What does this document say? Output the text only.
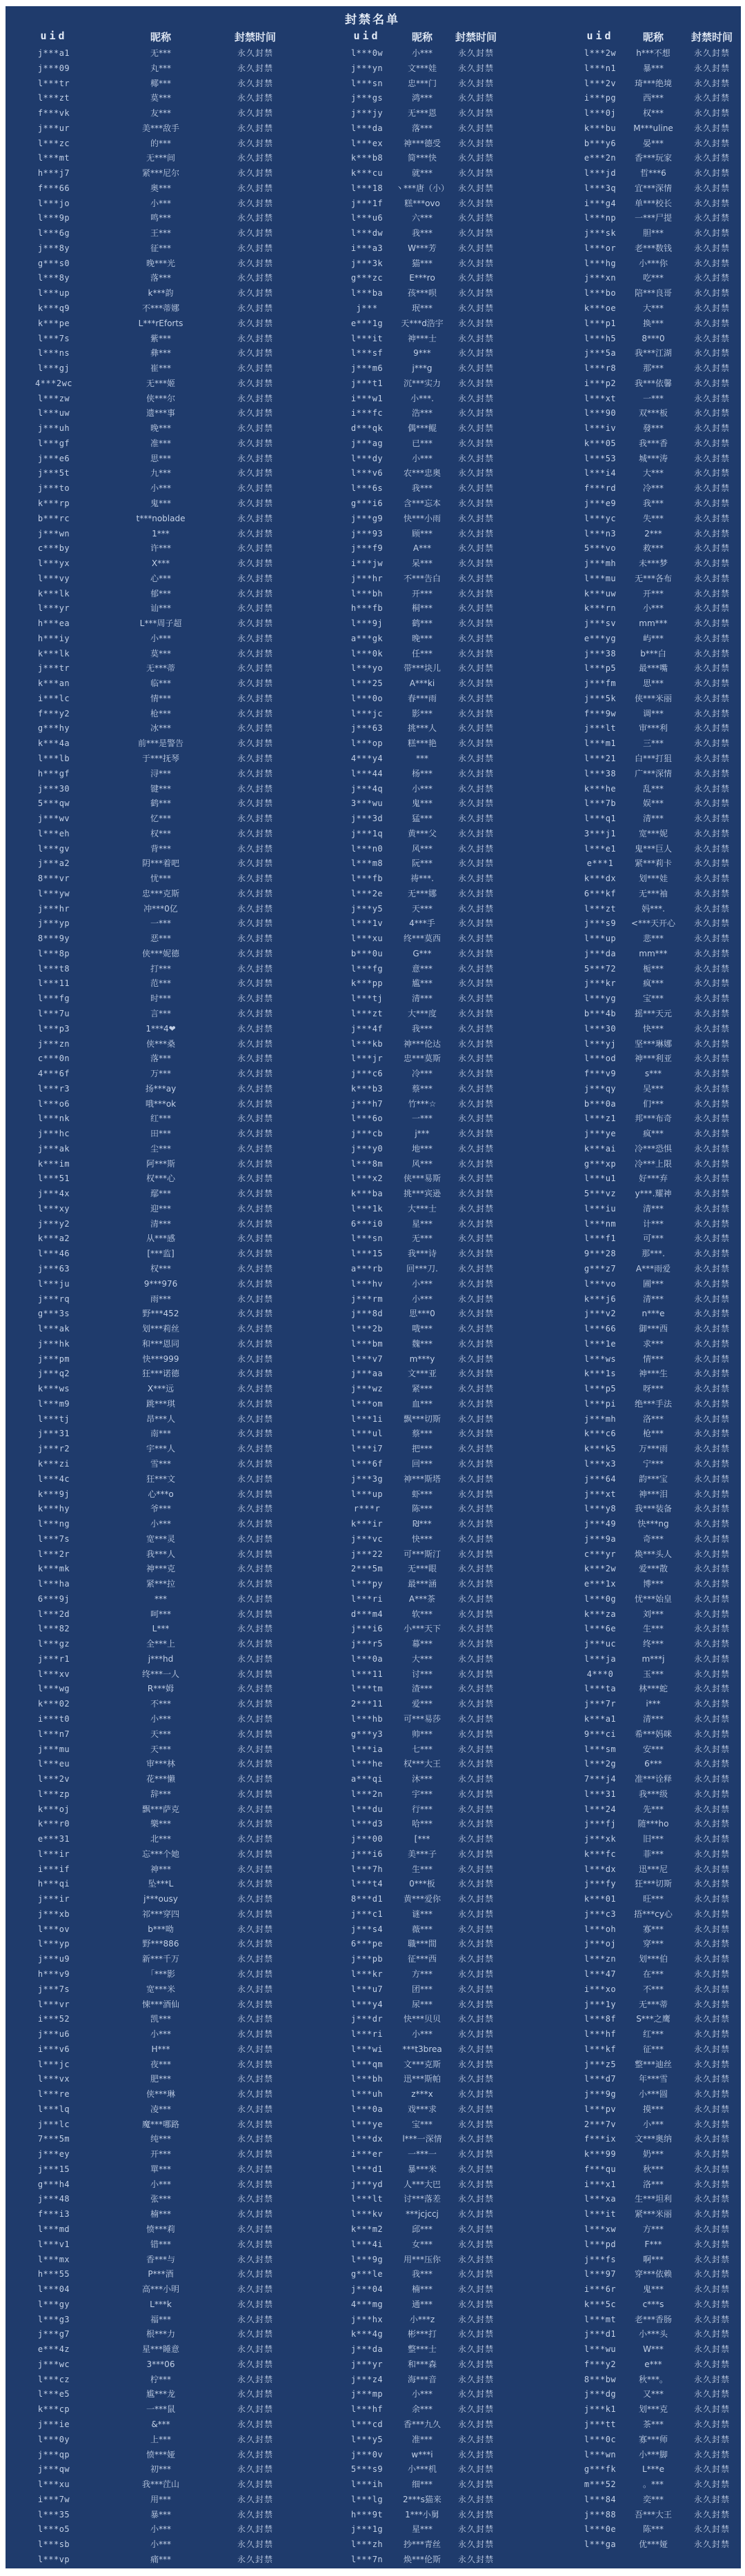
封禁名单
uid	昵称	封禁时间
j***a1	无***	永久封禁
j***09	丸***	永久封禁
l***tr	椰***	永久封禁
l***zt	莫***	永久封禁
f***vk	友***	永久封禁
j***ur	美***敌手	永久封禁
l***zc	的***	永久封禁
l***mt	无***间	永久封禁
h***j7	紧***尼尔	永久封禁
f***66	奥***	永久封禁
l***jo	小***	永久封禁
l***9p	鸣***	永久封禁
l***6g	王***	永久封禁
j***8y	征***	永久封禁
g***s0	晚***光	永久封禁
l***8y	落***	永久封禁
l***up	k***韵	永久封禁
k***q9	不***蒂娜	永久封禁
k***pe	L***rEforts	永久封禁
l***7s	紫***	永久封禁
l***ns	彝***	永久封禁
l***gj	崔***	永久封禁
4***2wc	无***姬	永久封禁
l***zw	侠***尔	永久封禁
l***uw	遗***事	永久封禁
j***uh	晚***	永久封禁
l***gf	准***	永久封禁
j***e6	思***	永久封禁
j***5t	九***	永久封禁
j***to	小***	永久封禁
k***rp	鬼***	永久封禁
b***rc	t***noblade	永久封禁
j***wn	1***	永久封禁
c***by	许***	永久封禁
l***yx	X***	永久封禁
l***vy	心***	永久封禁
k***lk	郁***	永久封禁
l***yr	讪***	永久封禁
h***ea	L***周子超	永久封禁
h***iy	小***	永久封禁
k***lk	莫***	永久封禁
j***tr	无***蒂	永久封禁
k***an	临***	永久封禁
i***lc	情***	永久封禁
f***y2	枪***	永久封禁
g***hy	冰***	永久封禁
k***4a	前***是警告	永久封禁
l***lb	于***抚琴	永久封禁
h***gf	浔***	永久封禁
j***30	键***	永久封禁
5***qw	鹤***	永久封禁
j***wv	忆***	永久封禁
l***eh	权***	永久封禁
l***gv	背***	永久封禁
j***a2	阴***着吧	永久封禁
8***vr	忧***	永久封禁
l***yw	忠***克斯	永久封禁
j***hr	冲***0亿	永久封禁
j***yp	一***	永久封禁
8***9y	恶***	永久封禁
l***8p	侠***妮德	永久封禁
l***t8	打***	永久封禁
l***11	范***	永久封禁
l***fg	时***	永久封禁
l***7u	言***	永久封禁
l***p3	1***4❤	永久封禁
j***zn	侠***桑	永久封禁
c***0n	落***	永久封禁
4***6f	万***	永久封禁
l***r3	扬***ay	永久封禁
l***o6	哦***ok	永久封禁
l***nk	红***	永久封禁
j***hc	田***	永久封禁
j***ak	尘***	永久封禁
k***im	阿***斯	永久封禁
l***51	权***心	永久封禁
j***4x	鄢***	永久封禁
l***xy	迎***	永久封禁
j***y2	清***	永久封禁
k***a2	从***感	永久封禁
l***46	[***监]	永久封禁
j***63	权***	永久封禁
l***ju	9***976	永久封禁
j***rq	雨***	永久封禁
g***3s	野***452	永久封禁
l***ak	划***莉丝	永久封禁
j***hk	和***恩同	永久封禁
j***pm	快***999	永久封禁
j***q2	狂***诺德	永久封禁
k***ws	X***远	永久封禁
l***m9	跳***琪	永久封禁
l***tj	昂***人	永久封禁
j***31	南***	永久封禁
j***r2	宇***人	永久封禁
k***zi	雪***	永久封禁
l***4c	狂***文	永久封禁
k***9j	心***o	永久封禁
k***hy	爷***	永久封禁
l***ng	小***	永久封禁
l***7s	宽***灵	永久封禁
l***2r	我***人	永久封禁
k***mk	神***克	永久封禁
l***ha	紧***拉	永久封禁
6***9j	***	永久封禁
l***2d	呵***	永久封禁
l***82	L***	永久封禁
l***gz	全***上	永久封禁
j***r1	j***hd	永久封禁
l***xv	终***一人	永久封禁
l***wg	R***姆	永久封禁
k***02	不***	永久封禁
i***t0	小***	永久封禁
l***n7	天***	永久封禁
j***mu	天***	永久封禁
l***eu	审***林	永久封禁
l***2v	花***懒	永久封禁
l***zp	辞***	永久封禁
k***oj	飘***萨克	永久封禁
k***r0	樂***	永久封禁
e***31	北***	永久封禁
l***ir	忘***个她	永久封禁
i***if	神***	永久封禁
h***qi	坠***L	永久封禁
j***ir	j***ousy	永久封禁
j***xb	祁***穿四	永久封禁
l***ov	b***呦	永久封禁
l***yp	野***886	永久封禁
j***u9	新***千万	永久封禁
h***v9	「***影	永久封禁
j***7s	宽***米	永久封禁
l***vr	悚***酒仙	永久封禁
i***52	凯***	永久封禁
j***u6	小***	永久封禁
i***v6	H***	永久封禁
l***jc	夜***	永久封禁
l***vx	肥***	永久封禁
l***re	侠***琳	永久封禁
l***lq	凌***	永久封禁
j***lc	魔***哪路	永久封禁
7***5m	纯***	永久封禁
j***ey	开***	永久封禁
j***15	單***	永久封禁
g***h4	小***	永久封禁
j***48	张***	永久封禁
f***i3	楠***	永久封禁
l***md	愤***莉	永久封禁
l***v1	错***	永久封禁
l***mx	香***与	永久封禁
h***55	P***酒	永久封禁
l***04	高***小明	永久封禁
l***gy	L***k	永久封禁
l***g3	福***	永久封禁
j***g7	根***力	永久封禁
e***4z	星***睡意	永久封禁
j***wc	3***06	永久封禁
l***cz	柠***	永久封禁
l***e5	尴***龙	永久封禁
k***cp	一***鼠	永久封禁
j***ie	&***	永久封禁
l***0y	上***	永久封禁
j***qp	愤***娅	永久封禁
j***qw	初***	永久封禁
l***xu	我***茳山	永久封禁
i***7w	用***	永久封禁
l***35	暴***	永久封禁
l***o5	小***	永久封禁
l***sb	小***	永久封禁
l***vp	痛***	永久封禁
uid	昵称	封禁时间
l***0w	小***	永久封禁
j***yn	文***娃	永久封禁
l***sn	忠***门	永久封禁
j***gs	鸿***	永久封禁
j***jy	无***恩	永久封禁
l***da	落***	永久封禁
l***ex	神***德受	永久封禁
k***b8	简***快	永久封禁
k***cu	就***	永久封禁
l***18	丶***唐（小）	永久封禁
j***1f	糕***ovo	永久封禁
l***u6	六***	永久封禁
l***dw	我***	永久封禁
i***a3	W***芳	永久封禁
j***3k	猫***	永久封禁
g***zc	E***ro	永久封禁
l***ba	孩***呗	永久封禁
j***	珉***	永久封禁
e***1g	天***d浩宇	永久封禁
l***it	神***士	永久封禁
l***sf	9***	永久封禁
j***m6	j***g	永久封禁
j***t1	沉***实力	永久封禁
i***w1	小***.	永久封禁
i***fc	浩***	永久封禁
d***qk	偶***鲲	永久封禁
j***ag	已***	永久封禁
l***dy	小***	永久封禁
l***v6	农***忠奥	永久封禁
l***6s	我***	永久封禁
g***i6	含***忘本	永久封禁
j***g9	快***小雨	永久封禁
j***93	顾***	永久封禁
j***f9	A***	永久封禁
i***jw	呆***	永久封禁
j***hr	不***告白	永久封禁
l***bh	开***	永久封禁
h***fb	桐***	永久封禁
l***9j	鹤***	永久封禁
a***gk	晚***	永久封禁
l***0k	任***	永久封禁
l***yo	带***块儿	永久封禁
l***25	A***ki	永久封禁
l***0o	春***雨	永久封禁
l***jc	影***	永久封禁
j***63	挑***人	永久封禁
l***op	糕***艳	永久封禁
4***y4	***	永久封禁
l***44	杨***	永久封禁
j***4q	小***	永久封禁
3***wu	鬼***	永久封禁
j***3d	猛***	永久封禁
j***1q	黄***父	永久封禁
l***n0	风***	永久封禁
l***m8	阮***	永久封禁
l***fb	祷***.	永久封禁
l***2e	无***娜	永久封禁
j***y5	天***	永久封禁
l***1v	4***手	永久封禁
l***xu	终***莫西	永久封禁
b***0u	G***	永久封禁
l***fg	意***	永久封禁
k***pp	尴***	永久封禁
l***tj	清***	永久封禁
l***zt	大***度	永久封禁
j***4f	我***	永久封禁
l***kb	神***伦达	永久封禁
l***jr	忠***莫斯	永久封禁
j***c6	冷***	永久封禁
k***b3	蔡***	永久封禁
j***h7	竹***☆	永久封禁
l***6o	一***	永久封禁
j***cb	j***	永久封禁
j***y0	地***	永久封禁
l***8m	风***	永久封禁
l***x2	侠***易斯	永久封禁
k***ba	挑***宾逊	永久封禁
l***1k	大***士	永久封禁
6***i0	星***	永久封禁
l***sn	无***	永久封禁
l***15	我***诗	永久封禁
a***rb	回***刀.	永久封禁
l***hv	小***	永久封禁
j***rm	小***	永久封禁
j***8d	思***0	永久封禁
l***2b	哦***	永久封禁
l***bm	魏***	永久封禁
l***v7	m***y	永久封禁
j***aa	文***亚	永久封禁
j***wz	紧***	永久封禁
l***om	血***	永久封禁
l***1i	飘***切斯	永久封禁
l***ul	蔡***	永久封禁
l***i7	把***	永久封禁
l***6f	回***	永久封禁
j***3g	神***斯塔	永久封禁
l***up	虾***	永久封禁
r***r	陈***	永久封禁
k***ir	₪***	永久封禁
j***vc	快***	永久封禁
j***22	可***斯汀	永久封禁
2***5m	无***眼	永久封禁
l***py	最***涵	永久封禁
l***ri	A***茶	永久封禁
d***m4	软***	永久封禁
j***i6	小***天下	永久封禁
j***r5	幕***	永久封禁
l***0a	大***	永久封禁
l***11	讨***	永久封禁
l***tm	渣***	永久封禁
2***11	爱***	永久封禁
l***hb	可***易莎	永久封禁
g***y3	帅***	永久封禁
l***ia	七***	永久封禁
l***he	权***大王	永久封禁
a***qi	沐***	永久封禁
l***2n	宇***	永久封禁
l***du	行***	永久封禁
l***d3	哈***	永久封禁
j***00	[***	永久封禁
j***i6	美***子	永久封禁
l***7h	生***	永久封禁
l***t4	0***板	永久封禁
8***d1	黄***爱你	永久封禁
j***c1	谜***	永久封禁
j***s4	薇***	永久封禁
6***pe	職***間	永久封禁
j***pb	征***西	永久封禁
l***kr	方***	永久封禁
l***u7	团***	永久封禁
l***y4	尿***	永久封禁
j***dr	快***贝贝	永久封禁
l***ri	小***	永久封禁
l***wi	***t3brea	永久封禁
l***qm	文***克斯	永久封禁
l***bh	迅***斯帕	永久封禁
l***uh	z***x	永久封禁
l***0a	戏***求	永久封禁
l***ye	宝***	永久封禁
l***dx	l***一深情	永久封禁
i***er	一***一	永久封禁
l***d1	暴***米	永久封禁
j***yd	人***大巴	永久封禁
l***lt	讨***落差	永久封禁
l***kv	***jcjccj	永久封禁
k***m2	邱***	永久封禁
l***4i	女***	永久封禁
l***9g	用***压你	永久封禁
g***le	我***	永久封禁
j***04	楠***	永久封禁
4***mg	通***	永久封禁
j***hx	小***z	永久封禁
k***4g	彬***打	永久封禁
j***da	整***士	永久封禁
j***yr	和***森	永久封禁
j***z4	海***音	永久封禁
j***mp	小***	永久封禁
l***hf	余***	永久封禁
l***cd	香***九久	永久封禁
l***y5	准***	永久封禁
j***0v	w***i	永久封禁
5***s9	小***机	永久封禁
l***ih	细***	永久封禁
l***lg	2***s猫来	永久封禁
h***9t	1***小舅	永久封禁
j***1g	星***	永久封禁
l***zh	抄***青丝	永久封禁
l***7n	焕***伦斯	永久封禁
uid	昵称	封禁时间
l***2w	h***不想	永久封禁
l***n1	暴***	永久封禁
l***2v	琦***绝境	永久封禁
i***pg	西***	永久封禁
l***0j	权***	永久封禁
k***bu	M***uline	永久封禁
b***y6	晏***	永久封禁
e***2n	香***玩家	永久封禁
l***jd	哲***6	永久封禁
l***3q	宜***深情	永久封禁
i***g4	单***校长	永久封禁
l***np	一***尸提	永久封禁
j***sk	胆***	永久封禁
l***or	老***数钱	永久封禁
l***hg	小***你	永久封禁
j***xn	吃***	永久封禁
l***bo	陪***良哥	永久封禁
k***oe	大***	永久封禁
l***p1	换***	永久封禁
l***h5	8***0	永久封禁
j***5a	我***江湖	永久封禁
l***r8	那***	永久封禁
i***p2	我***依馨	永久封禁
l***xt	一***	永久封禁
l***90	双***板	永久封禁
l***iv	發***	永久封禁
k***05	我***香	永久封禁
l***53	城***涛	永久封禁
l***i4	大***	永久封禁
f***rd	冷***	永久封禁
j***e9	我***	永久封禁
l***yc	失***	永久封禁
l***n3	2***	永久封禁
5***vo	救***	永久封禁
j***mh	未***梦	永久封禁
l***mu	无***各布	永久封禁
k***uw	开***	永久封禁
k***rn	小***	永久封禁
j***sv	mm***	永久封禁
e***yg	屿***	永久封禁
j***38	b***白	永久封禁
l***p5	最***嘴	永久封禁
j***fm	思***	永久封禁
j***5k	侠***米丽	永久封禁
f***9w	调***	永久封禁
j***lt	审***利	永久封禁
l***m1	三***	永久封禁
l***21	白***打狙	永久封禁
l***38	广***深情	永久封禁
k***he	乱***	永久封禁
l***7b	娱***	永久封禁
l***q1	清***	永久封禁
3***j1	宽***妮	永久封禁
l***e1	鬼***巨人	永久封禁
e***1	紧***莉卡	永久封禁
k***dx	划***娃	永久封禁
6***kf	无***袖	永久封禁
l***zt	妈***.	永久封禁
j***s9	<***天开心	永久封禁
l***up	悲***	永久封禁
j***da	mm***	永久封禁
5***72	栀***	永久封禁
j***kr	疯***	永久封禁
l***yg	宝***	永久封禁
b***4b	摇***天元	永久封禁
l***30	快***	永久封禁
l***yj	坚***琳娜	永久封禁
l***od	神***利亚	永久封禁
f***v9	s***	永久封禁
j***qy	吴***	永久封禁
b***0a	们***	永久封禁
l***z1	邦***布奇	永久封禁
j***ye	疯***	永久封禁
k***ai	冷***恐惧	永久封禁
g***xp	冷***上限	永久封禁
l***u1	好***弃	永久封禁
5***vz	y***.耀神	永久封禁
l***iu	清***	永久封禁
l***nm	计***	永久封禁
l***f1	可***	永久封禁
9***28	那***.	永久封禁
g***z7	A***雨爱	永久封禁
l***vo	圃***	永久封禁
k***j6	清***	永久封禁
j***v2	n***e	永久封禁
l***66	御***西	永久封禁
l***1e	求***	永久封禁
l***ws	情***	永久封禁
k***1s	神***生	永久封禁
l***p5	呀***	永久封禁
l***pi	绝***手法	永久封禁
j***mh	洛***	永久封禁
k***c6	枪***	永久封禁
k***k5	万***雨	永久封禁
l***x3	宁***	永久封禁
j***64	韵***宝	永久封禁
j***xt	神***泪	永久封禁
l***y8	我***装备	永久封禁
j***49	快***ng	永久封禁
j***9a	奇***	永久封禁
c***yr	焕***头人	永久封禁
k***2w	爱***散	永久封禁
e***1x	博***	永久封禁
l***0g	忧***始皇	永久封禁
k***za	刘***	永久封禁
l***6e	生***	永久封禁
j***uc	终***	永久封禁
l***ja	m***j	永久封禁
4***0	玉***	永久封禁
l***ta	林***蛇	永久封禁
j***7r	i***	永久封禁
k***a1	清***	永久封禁
9***ci	希***妈咪	永久封禁
l***sm	安***	永久封禁
l***2g	6***	永久封禁
7***j4	准***诠释	永久封禁
l***31	我***级	永久封禁
l***24	先***	永久封禁
j***fj	随***ho	永久封禁
j***xk	旧***	永久封禁
k***fc	菲***	永久封禁
l***dx	迅***尼	永久封禁
j***fy	狂***切斯	永久封禁
k***01	旺***	永久封禁
j***c3	捂***cy心	永久封禁
l***oh	寡***	永久封禁
j***oj	穿***	永久封禁
l***zn	划***伯	永久封禁
l***47	在***	永久封禁
i***xo	不***	永久封禁
j***1y	无***蒂	永久封禁
l***8f	S***之鹰	永久封禁
l***hf	红***	永久封禁
l***kf	征***	永久封禁
j***z5	整***迪丝	永久封禁
l***d7	年***雪	永久封禁
j***9g	小***圆	永久封禁
l***pv	摸***	永久封禁
2***7v	小***	永久封禁
f***ix	文***奥纳	永久封禁
k***99	奶***	永久封禁
f***qu	秋***	永久封禁
i***x1	洛***	永久封禁
l***xa	生***坦利	永久封禁
l***it	紧***米丽	永久封禁
l***xw	方***	永久封禁
l***pd	F***	永久封禁
j***fs	啊***	永久封禁
l***97	穿***依赖	永久封禁
i***6r	鬼***	永久封禁
k***5c	c***s	永久封禁
l***mt	老***香肠	永久封禁
j***d1	小***头	永久封禁
l***wu	W***	永久封禁
f***y2	e***	永久封禁
8***bw	秋***。	永久封禁
j***dg	又***	永久封禁
j***k1	划***克	永久封禁
j***tt	茶***	永久封禁
l***0c	寡***师	永久封禁
l***wn	小***脚	永久封禁
g***fk	L***e	永久封禁
m***52	。***	永久封禁
l***84	奕***	永久封禁
j***88	吾***大王	永久封禁
l***0e	陈***	永久封禁
l***ga	优***娅	永久封禁
